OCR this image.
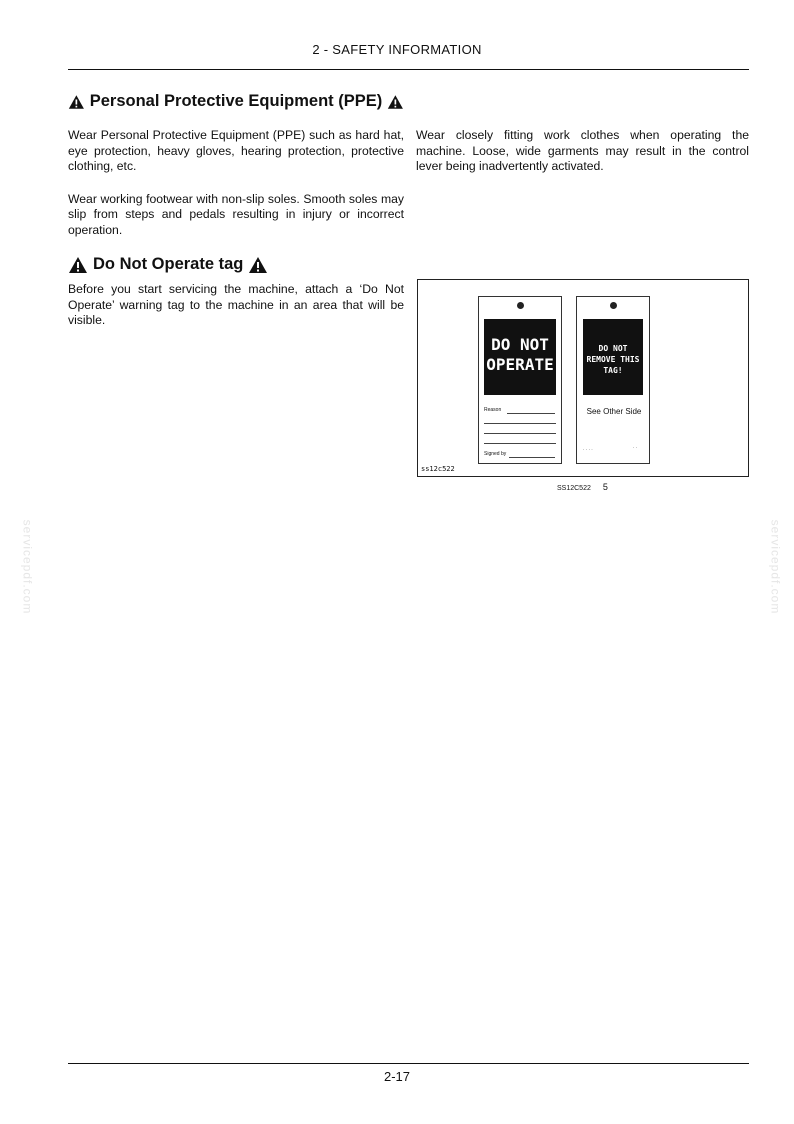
2 - SAFETY INFORMATION
Personal Protective Equipment (PPE)

Wear Personal Protective Equipment (PPE) such as hard hat, eye protection, heavy gloves, hearing protection, protective clothing, etc.

Wear working footwear with non-slip soles. Smooth soles may slip from steps and pedals resulting in injury or incorrect operation.

Do Not Operate tag

Before you start servicing the machine, attach a ‘Do Not Operate’ warning tag to the machine in an area that will be visible.

Wear closely fitting work clothes when operating the machine. Loose, wide garments may result in the control lever being inadvertently activated.

DO NOT OPERATE
Reason
Signed by
DO NOT REMOVE THIS TAG!
See Other Side
· · · ·	· ·
ss12c522
SS12C522 5
servicepdf.com	servicepdf.com
2-17
